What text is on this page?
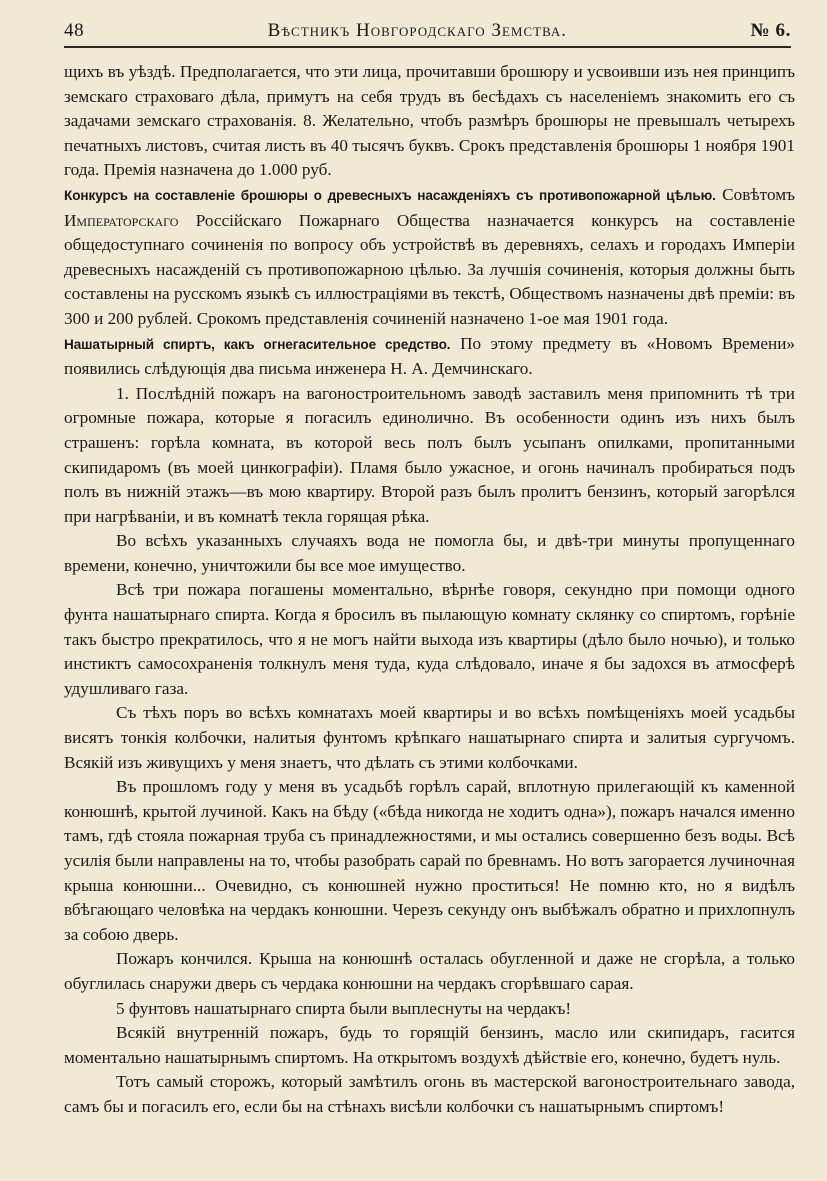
48	Вѣстникъ Новгородскаго Земства.	№ 6.

щихъ въ уѣздѣ. Предполагается, что эти лица, прочитавши брошюру и усвоивши изъ нея принципъ земскаго страховаго дѣла, примутъ на себя трудъ въ бесѣдахъ съ населеніемъ знакомить его съ задачами земскаго страхованія. 8. Желательно, чтобъ размѣръ брошюры не превышалъ четырехъ печатныхъ листовъ, считая листь въ 40 тысячъ буквъ. Срокъ представленія брошюры 1 ноября 1901 года. Премія назначена до 1.000 руб.

Конкурсъ на составленіе брошюры о древесныхъ насажденіяхъ съ противопожарной цѣлью. Совѣтомъ Императорскаго Россійскаго Пожарнаго Общества назначается конкурсъ на составленіе общедоступнаго сочиненія по вопросу объ устройствѣ въ деревняхъ, селахъ и городахъ Имперіи древесныхъ насажденій съ противопожарною цѣлью. За лучшія сочиненія, которыя должны быть составлены на русскомъ языкѣ съ иллюстраціями въ текстѣ, Обществомъ назначены двѣ преміи: въ 300 и 200 рублей. Срокомъ представленія сочиненій назначено 1-ое мая 1901 года.

Нашатырный спиртъ, какъ огнегасительное средство. По этому предмету въ «Новомъ Времени» появились слѣдующія два письма инженера Н. А. Демчинскаго.

1. Послѣдній пожаръ на вагоностроительномъ заводѣ заставилъ меня припомнить тѣ три огромные пожара, которые я погасилъ единолично. Въ особенности одинъ изъ нихъ былъ страшенъ: горѣла комната, въ которой весь полъ былъ усыпанъ опилками, пропитанными скипидаромъ (въ моей цинкографіи). Пламя было ужасное, и огонь начиналъ пробираться подъ полъ въ нижній этажъ—въ мою квартиру. Второй разъ былъ пролитъ бензинъ, который загорѣлся при нагрѣваніи, и въ комнатѣ текла горящая рѣка.

Во всѣхъ указанныхъ случаяхъ вода не помогла бы, и двѣ-три минуты пропущеннаго времени, конечно, уничтожили бы все мое имущество.

Всѣ три пожара погашены моментально, вѣрнѣе говоря, секундно при помощи одного фунта нашатырнаго спирта. Когда я бросилъ въ пылающую комнату склянку со спиртомъ, горѣніе такъ быстро прекратилось, что я не могъ найти выхода изъ квартиры (дѣло было ночью), и только инстиктъ самосохраненія толкнулъ меня туда, куда слѣдовало, иначе я бы задохся въ атмосферѣ удушливаго газа.

Съ тѣхъ поръ во всѣхъ комнатахъ моей квартиры и во всѣхъ помѣщеніяхъ моей усадьбы висятъ тонкія колбочки, налитыя фунтомъ крѣпкаго нашатырнаго спирта и залитыя сургучомъ. Всякій изъ живущихъ у меня знаетъ, что дѣлать съ этими колбочками.

Въ прошломъ году у меня въ усадьбѣ горѣлъ сарай, вплотную прилегающій къ каменной конюшнѣ, крытой лучиной. Какъ на бѣду («бѣда никогда не ходитъ одна»), пожаръ начался именно тамъ, гдѣ стояла пожарная труба съ принадлежностями, и мы остались совершенно безъ воды. Всѣ усилія были направлены на то, чтобы разобрать сарай по бревнамъ. Но вотъ загорается лучиночная крыша конюшни... Очевидно, съ конюшней нужно проститься! Не помню кто, но я видѣлъ вбѣгающаго человѣка на чердакъ конюшни. Черезъ секунду онъ выбѣжалъ обратно и прихлопнулъ за собою дверь.

Пожаръ кончился. Крыша на конюшнѣ осталась обугленной и даже не сгорѣла, а только обуглилась снаружи дверь съ чердака конюшни на чердакъ сгорѣвшаго сарая.

5 фунтовъ нашатырнаго спирта были выплеснуты на чердакъ!

Всякій внутренній пожаръ, будь то горящій бензинъ, масло или скипидаръ, гасится моментально нашатырнымъ спиртомъ. На открытомъ воздухѣ дѣйствіе его, конечно, будетъ нуль.

Тотъ самый сторожъ, который замѣтилъ огонь въ мастерской вагоностроительнаго завода, самъ бы и погасилъ его, если бы на стѣнахъ висѣли колбочки съ нашатырнымъ спиртомъ!
